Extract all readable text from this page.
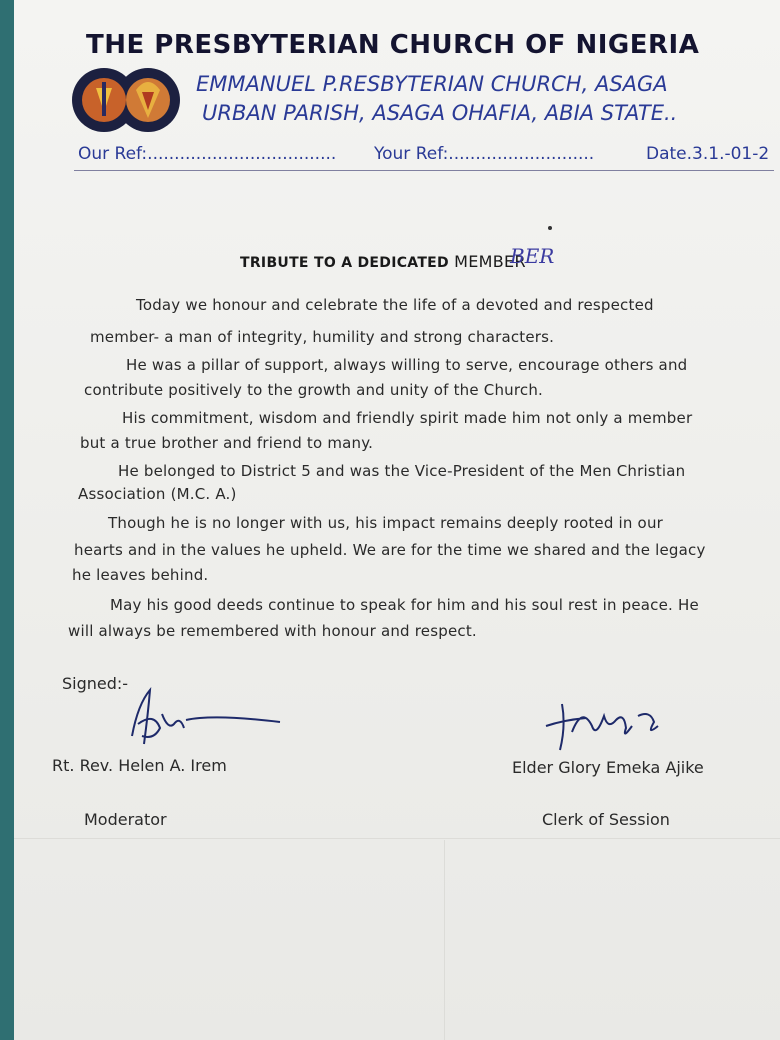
THE PRESBYTERIAN CHURCH OF NIGERIA
EMMANUEL P.RESBYTERIAN CHURCH, ASAGA
URBAN PARISH, ASAGA OHAFIA, ABIA STATE..
Our Ref:................................... Your Ref:...........................	Date.3.1.-01-2
TRIBUTE TO A DEDICATED MEMBER
BER
Today we honour and celebrate the life of a devoted and respected
member- a man of integrity, humility and strong characters.
He was a pillar of support, always willing to serve, encourage others and
contribute positively to the growth and unity of the Church.
His commitment, wisdom and friendly spirit made him not only a member
but a true brother and friend to many.
He belonged to District 5 and was the Vice-President of the Men Christian
Association (M.C. A.)
Though he is no longer with us, his impact remains deeply rooted in our
hearts and in the values he upheld. We are for the time we shared and the legacy
he leaves behind.
May his good deeds continue to speak for him and his soul rest in peace. He
will always be remembered with honour and respect.
Signed:-
Rt. Rev. Helen A. Irem
Moderator
Elder Glory Emeka Ajike
Clerk of Session
